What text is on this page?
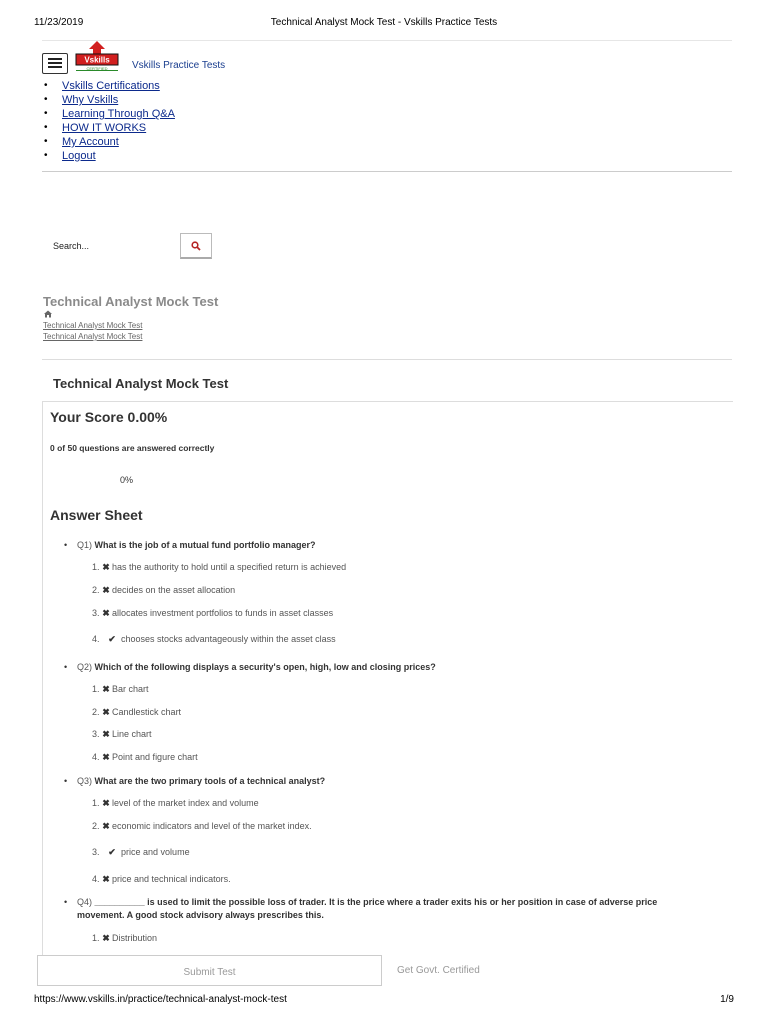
11/23/2019	Technical Analyst Mock Test - Vskills Practice Tests
Vskills
CERTIFIED Vskills Practice Tests
• Vskills Certifications
• Why Vskills
• Learning Through Q&A
• HOW IT WORKS
• My Account
• Logout
Search...
Technical Analyst Mock Test
Technical Analyst Mock Test
Technical Analyst Mock Test
Technical Analyst Mock Test
Your Score 0.00%
0 of 50 questions are answered correctly
0%
Answer Sheet
• Q1) What is the job of a mutual fund portfolio manager?
1. ✖ has the authority to hold until a specified return is achieved
2. ✖ decides on the asset allocation
3. ✖ allocates investment portfolios to funds in asset classes
4. ✔ chooses stocks advantageously within the asset class
• Q2) Which of the following displays a security's open, high, low and closing prices?
1. ✖ Bar chart
2. ✖ Candlestick chart
3. ✖ Line chart
4. ✖ Point and figure chart
• Q3) What are the two primary tools of a technical analyst?
1. ✖ level of the market index and volume
2. ✖ economic indicators and level of the market index.
3. ✔ price and volume
4. ✖ price and technical indicators.
• Q4) __________ is used to limit the possible loss of trader. It is the price where a trader exits his or her position in case of adverse price movement. A good stock advisory always prescribes this.
1. ✖ Distribution
Submit Test	Get Govt. Certified
https://www.vskills.in/practice/technical-analyst-mock-test	1/9
